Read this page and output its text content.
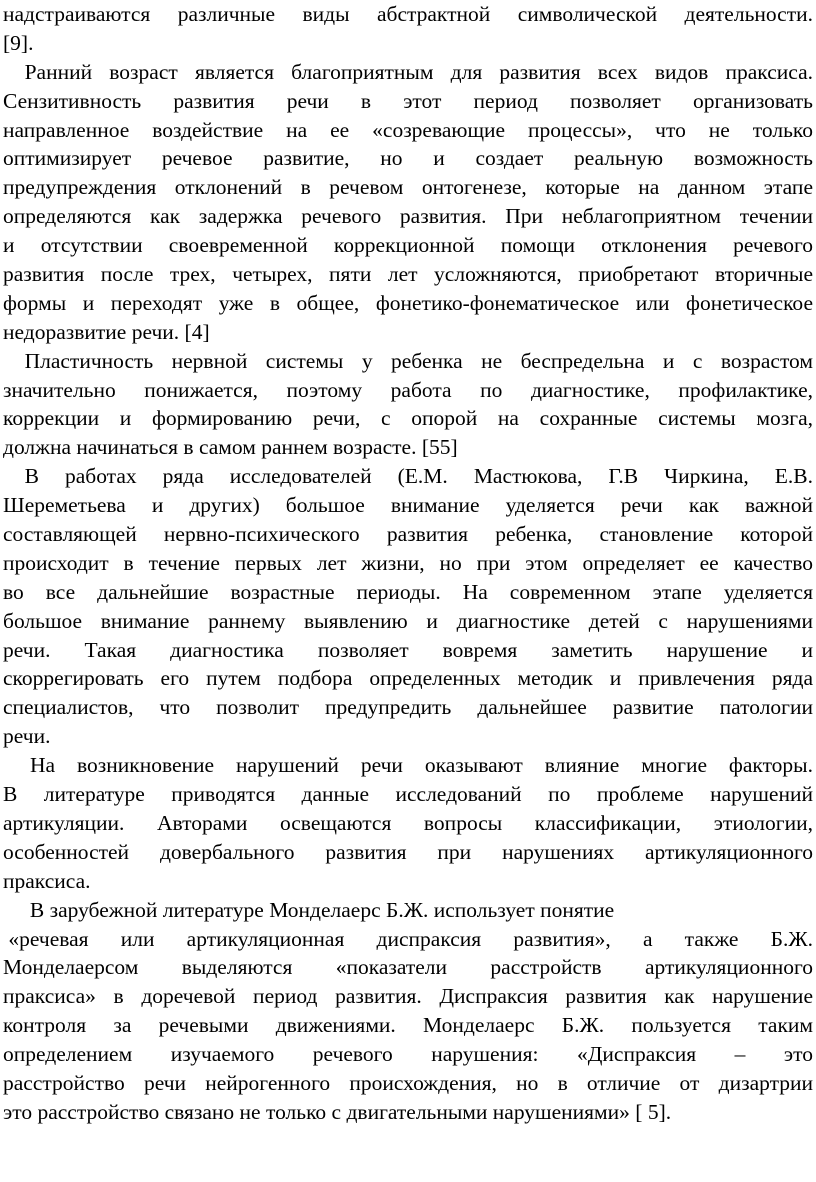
надстраиваются различные виды абстрактной символической деятельности.
[9].
Ранний возраст является благоприятным для развития всех видов праксиса.
Сензитивность развития речи в этот период позволяет организовать
направленное воздействие на ее «созревающие процессы», что не только
оптимизирует речевое развитие, но и создает реальную возможность
предупреждения отклонений в речевом онтогенезе, которые на данном этапе
определяются как задержка речевого развития. При неблагоприятном течении
и отсутствии своевременной коррекционной помощи отклонения речевого
развития после трех, четырех, пяти лет усложняются, приобретают вторичные
формы и переходят уже в общее, фонетико-фонематическое или фонетическое
недоразвитие речи. [4]
Пластичность нервной системы у ребенка не беспредельна и с возрастом
значительно понижается, поэтому работа по диагностике, профилактике,
коррекции и формированию речи, с опорой на сохранные системы мозга,
должна начинаться в самом раннем возрасте. [55]
В работах ряда исследователей (Е.М. Мастюкова, Г.В Чиркина, Е.В.
Шереметьева и других) большое внимание уделяется речи как важной
составляющей нервно-психического развития ребенка, становление которой
происходит в течение первых лет жизни, но при этом определяет ее качество
во все дальнейшие возрастные периоды. На современном этапе уделяется
большое внимание раннему выявлению и диагностике детей с нарушениями
речи. Такая диагностика позволяет вовремя заметить нарушение и
скоррегировать его путем подбора определенных методик и привлечения ряда
специалистов, что позволит предупредить дальнейшее развитие патологии
речи.
На возникновение нарушений речи оказывают влияние многие факторы.
В литературе приводятся данные исследований по проблеме нарушений
артикуляции. Авторами освещаются вопросы классификации, этиологии,
особенностей довербального развития при нарушениях артикуляционного
праксиса.
В зарубежной литературе Монделаерс Б.Ж. использует понятие
«речевая или артикуляционная диспраксия развития», а также Б.Ж.
Монделаерсом выделяются «показатели расстройств артикуляционного
праксиса» в доречевой период развития. Диспраксия развития как нарушение
контроля за речевыми движениями. Монделаерс Б.Ж. пользуется таким
определением изучаемого речевого нарушения: «Диспраксия – это
расстройство речи нейрогенного происхождения, но в отличие от дизартрии
это расстройство связано не только с двигательными нарушениями» [ 5].
